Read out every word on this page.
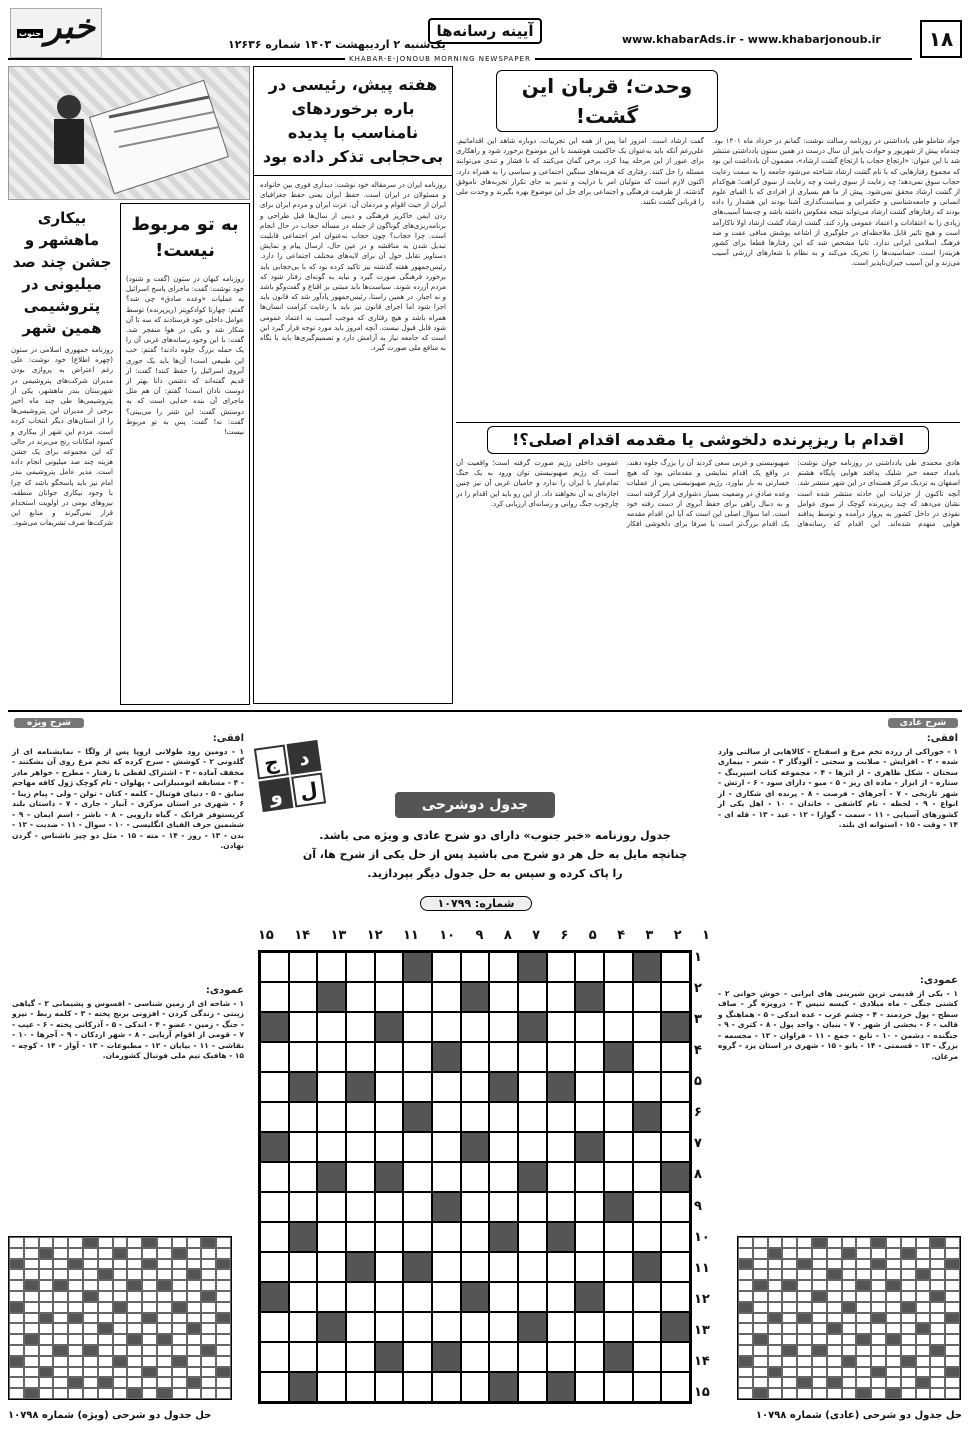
۱۸
www.khabarAds.ir - www.khabarjonoub.ir
آیینه رسانه‌ها
یک‌شنبه ۲ اردیبهشت ۱۴۰۳ شماره ۱۲۶۳۶
خبر
جنوب
KHABAR-E-JONOUB MORNING NEWSPAPER
هفته پیش، رئیسی در باره برخوردهای نامناسب با پدیده بی‌حجابی تذکر داده بود
روزنامه ایران در سرمقاله خود نوشت: دیداری فوری بین خانواده و مسئولان در ایران است. حفظ ایران یعنی حفظ جغرافیای ایران از حیث اقوام و مردمان آن. عزت ایران و مردم ایران برای زدن ایمن خاکریز فرهنگی و دینی از سال‌ها قبل طراحی و برنامه‌ریزی‌های گوناگون از جمله در مسأله حجاب در حال انجام است. چرا حجاب؟ چون حجاب به‌عنوان امر اجتماعی قابلیت تبدیل شدن به مناقشه و در عین حال، ارسال پیام و نمایش دستاویز تقابل حول آن برای لایه‌های مختلف اجتماعی را دارد. رئیس‌جمهور هفته گذشته نیز تاکید کرده بود که با بی‌حجابی باید برخورد فرهنگی صورت گیرد و نباید به گونه‌ای رفتار شود که مردم آزرده شوند. سیاست‌ها باید مبتنی بر اقناع و گفت‌وگو باشد و نه اجبار. در همین راستا، رئیس‌جمهور یادآور شد که قانون باید اجرا شود اما اجرای قانون نیز باید با رعایت کرامت انسان‌ها همراه باشد و هیچ رفتاری که موجب آسیب به اعتماد عمومی شود قابل قبول نیست. آنچه امروز باید مورد توجه قرار گیرد این است که جامعه نیاز به آرامش دارد و تصمیم‌گیری‌ها باید با نگاه به منافع ملی صورت گیرد.
به تو مربوط نیست!
روزنامه کیهان در ستون (گفت و شنود) خود نوشت: گفت: ماجرای پاسخ اسرائیل به عملیات «وعده صادق» چی شد؟ گفتم: چهارتا کوادکوپتر (ریزپرنده) توسط عوامل داخلی خود فرستادند که سه تا آن شکار شد و یکی در هوا منفجر شد. گفت: با این وجود رسانه‌های غربی آن را یک حمله بزرگ جلوه دادند! گفتم: خب این طبیعی است! آن‌ها باید یک جوری آبروی اسرائیل را حفظ کنند! گفت: از قدیم گفته‌اند که دشمن دانا بهتر از دوست نادان است! گفتم: آن هم مثل ماجرای آن بنده خدایی است که به دوستش گفت: این شتر را می‌بینی؟ گفت: نه! گفت: پس به تو مربوط نیست!
بیکاری ماهشهر و جشن چند صد میلیونی در پتروشیمی همین شهر
روزنامه جمهوری اسلامی در ستون (چهره اطلاع) خود نوشت: علی رغم اعتراض به پروازی بودن مدیران شرکت‌های پتروشیمی در شهرستان بندر ماهشهر، یکی از پتروشیمی‌ها طی چند ماه اخیر برخی از مدیران این پتروشیمی‌ها را از استان‌های دیگر انتخاب کرده است. مردم این شهر از بیکاری و کمبود امکانات رنج می‌برند در حالی که این مجموعه برای یک جشن هزینه چند صد میلیونی انجام داده است. مدیر عامل پتروشیمی بندر امام نیز باید پاسخگو باشد که چرا با وجود بیکاری جوانان منطقه، نیروهای بومی در اولویت استخدام قرار نمی‌گیرند و منابع این شرکت‌ها صرف تشریفات می‌شود.
وحدت؛ قربان این گشت!
جواد شاملو طی یادداشتی در روزنامه رسالت نوشت: گمانم در خرداد ماه ۱۴۰۱ بود. چندماه پیش از شهریور و حوادث پاییز آن سال درست در همین ستون یادداشتی منتشر شد با این عنوان: «ارتجاع حجاب یا ارتجاع گشت ارشاد»، مضمون آن یادداشت این بود که مجموع رفتارهایی که با نام گشت ارشاد شناخته می‌شود جامعه را به سمت رعایت حجاب سوق نمی‌دهد؛ چه رعایت از سوی رغبت و چه رعایت از سوی کراهت؛ هیچ‌کدام از گشت ارشاد محقق نمی‌شود. پیش از ما هم بسیاری از افرادی که با الفبای علوم انسانی و جامعه‌شناسی و حکمرانی و سیاست‌گذاری آشنا بودند این هشدار را داده بودند که رفتارهای گشت ارشاد می‌تواند نتیجه معکوس داشته باشد و چه‌بسا آسیب‌های زیادی را به اعتقادات و اعتماد عمومی وارد کند. گشت ارشاد گشت ارشاد اولا ناکارآمد است و هیچ تاثیر قابل ملاحظه‌ای در جلوگیری از اشاعه پوشش منافی عفت و ضد فرهنگ اسلامی ایرانی ندارد. ثانیا مشخص شد که این رفتارها قطعا برای کشور هزینه‌زا است. حساسیت‌ها را تحریک می‌کند و به نظام با شعارهای ارزشی آسیب می‌زند و این آسیب جبران‌ناپذیر است.
گفت ارشاد است. امروز اما پس از همه این تجربیات، دوباره شاهد این اقداماتیم. علی‌رغم آنکه باید به‌عنوان یک حاکمیت هوشمند با این موضوع برخورد شود و راهکاری برای عبور از این مرحله پیدا کرد، برخی گمان می‌کنند که با فشار و تندی می‌توانند مسئله را حل کنند. رفتاری که هزینه‌های سنگین اجتماعی و سیاسی را به همراه دارد. اکنون لازم است که متولیان امر با درایت و تدبیر به جای تکرار تجربه‌های ناموفق گذشته، از ظرفیت فرهنگی و اجتماعی برای حل این موضوع بهره بگیرند و وحدت ملی را قربانی گشت نکنند.
اقدام با ریزپرنده دلخوشی یا مقدمه اقدام اصلی؟!
هادی محمدی طی یادداشتی در روزنامه جوان نوشت: بامداد جمعه خبر شلیک پدافند هوایی پایگاه هشتم اصفهان به نزدیک مرکز هسته‌ای در این شهر منتشر شد. آنچه تاکنون از جزئیات این حادثه منتشر شده است نشان می‌دهد که چند ریزپرنده کوچک از سوی عوامل نفوذی در داخل کشور به پرواز درآمده و توسط پدافند هوایی منهدم شده‌اند. این اقدام که رسانه‌های صهیونیستی و غربی سعی کردند آن را بزرگ جلوه دهند، در واقع یک اقدام نمایشی و مقدماتی بود که هیچ خسارتی به بار نیاورد. رژیم صهیونیستی پس از عملیات وعده صادق در وضعیت بسیار دشواری قرار گرفته است و به دنبال راهی برای حفظ آبروی از دست رفته خود است. اما سؤال اصلی این است که آیا این اقدام مقدمه یک اقدام بزرگ‌تر است یا صرفا برای دلخوشی افکار عمومی داخلی رژیم صورت گرفته است؛ واقعیت آن است که رژیم صهیونیستی توان ورود به یک جنگ تمام‌عیار با ایران را ندارد و حامیان غربی آن نیز چنین اجازه‌ای به آن نخواهند داد. از این رو باید این اقدام را در چارچوب جنگ روانی و رسانه‌ای ارزیابی کرد.
شرح عادی
افقی:
۱ - خوراکی از زرده تخم مرغ و اسفناج - کالاهایی از سالنی وارد شده - ۲ - افزایش - صلابت و سختی - آلودگار ۳ - شعر - بیماری سختان - شکل ظاهری - از اثرها - ۴ - مجموعه کتاب اسپرینگ - ستاره - از ابزار - ماده ای ریز - ۵ - میو - دارای سود - ۶ - ارتش - شهر تاریخی - ۷ - آجرهای - فرصت - ۸ - پرنده ای شکاری - از انواع - ۹ - لحظه - نام کاشفی - خاندان - ۱۰ - اهل یکی از کشورهای آسیایی - ۱۱ - سمت - گوارا - ۱۲ - عید - ۱۳ - قله ای - ۱۴ - وقت - ۱۵ - استوانه ای بلند.
عمودی:
۱ - یکی از قدیمی ترین شیرینی های ایرانی - خوش خوانی ۲ - کشتی جنگی - ماه میلادی - کیسه تنیس ۳ - درویزه گر - صاف سطح - پول خردمند - ۴ - چشم عرب - عده اندکی - ۵ - هماهنگ و قالب - ۶ - بخشی از شهر - ۷ - بنیان - واحد پول - ۸ - کتری - ۹ - جنگنده - دشمن - ۱۰ - تابع - جمع - ۱۱ - فراوان - ۱۲ - مجسمه - بزرگ - ۱۳ - قسمتی - ۱۴ - بانو - ۱۵ - شهری در استان یزد - گروه مرغان.
شرح ویژه
افقی:
۱ - دومین رود طولانی اروپا پس از ولگا - نمایشنامه ای از گلدونی ۲ - کوشش - سرخ کرده که تخم مرغ روی آن بشکنند - مخفف آماده - ۳ - اشتراک لفظی با رفتار - مطرح - خواهر مادر - ۴ - مسابقه اتومبیلرانی - پهلوان - تام کوچک ژول کافه مهاجم سابق - ۵ - دنیای فوتبال - کلمه - کتان - تولن - ولی - پیام زیبا - ۶ - شهری در استان مرکزی - آبیار - جاری - ۷ - داستان بلند کریستوفر فرانک - گیاه دارویی - ۸ - ناشر - اسم ایمان - ۹ - ششمین حرف الفبای انگلیسی - ۱۰ - سوال - ۱۱ - ضدیت - ۱۲ - بدن - ۱۳ - روز - ۱۴ - مته - ۱۵ - مثل دو چیز ناشناس - گردن نهادن.
عمودی:
۱ - شاخه ای از زمین شناسی - افسوس و پشیمانی ۲ - گیاهی زینتی - زندگی کردن - افزونی برنج پخته - ۳ - کلمه ربط - نیرو - جنگ - زمین - عضو - ۴ - اندکی - ۵ - آذرکانی پخته - ۶ - عیب - ۷ - قومی از اقوام آریایی - ۸ - شهر اردکان - ۹ - آجرها - ۱۰ - نقاشی - ۱۱ - بیابان - ۱۲ - مطبوعات - ۱۳ - آواز - ۱۴ - کوچه - ۱۵ - هافبک تیم ملی فوتبال کشورمان.
ج د
و ل
جدول دوشرحی
جدول روزنامه «خبر جنوب» دارای دو شرح عادی و ویژه می باشد. چنانچه مایل به حل هر دو شرح می باشید پس از حل یکی از شرح ها، آن را پاک کرده و سپس به حل جدول دیگر بپردازید.
شماره: ۱۰۷۹۹
۱۵ ۱۴ ۱۳ ۱۲ ۱۱ ۱۰ ۹ ۸ ۷ ۶ ۵ ۴ ۳ ۲ ۱
۱
۲
۳
۴
۵
۶
۷
۸
۹
۱۰
۱۱
۱۲
۱۳
۱۴
۱۵
حل جدول دو شرحی (عادی) شماره ۱۰۷۹۸
حل جدول دو شرحی (ویژه) شماره ۱۰۷۹۸
